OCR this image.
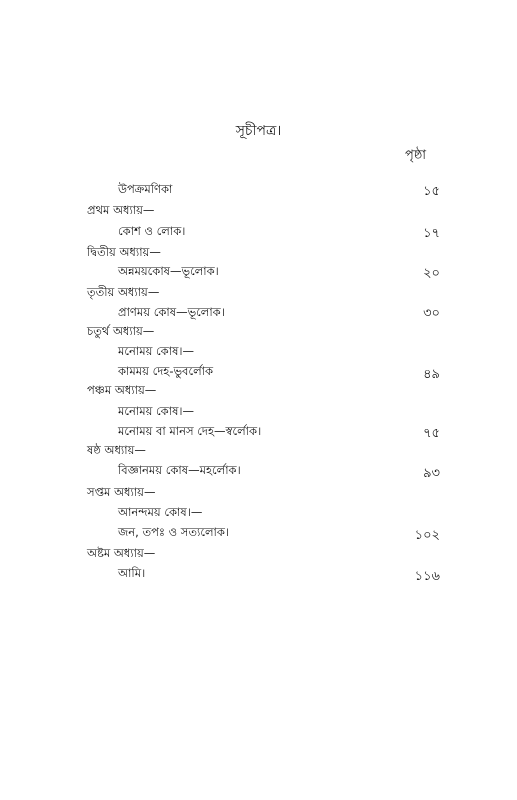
সূচীপত্র।
পৃষ্ঠা
উপক্রমণিকা	১৫
প্রথম অধ্যায়—
কোশ ও লোক।	১৭
দ্বিতীয় অধ্যায়—
অন্নময়কোষ—ভূলোক।	২০
তৃতীয় অধ্যায়—
প্রাণময় কোষ—ভূলোক।	৩০
চতুর্থ অধ্যায়—
মনোময় কোষ।—
কামময় দেহ-ভুবর্লোক	৪৯
পঞ্চম অধ্যায়—
মনোময় কোষ।—
মনোময় বা মানস দেহ—স্বর্লোক।	৭৫
ষষ্ঠ অধ্যায়—
বিজ্ঞানময় কোষ—মহর্লোক।	৯৩
সপ্তম অধ্যায়—
আনন্দময় কোষ।—
জন, তপঃ ও সত্যলোক।	১০২
অষ্টম অধ্যায়—
আমি।	১১৬
